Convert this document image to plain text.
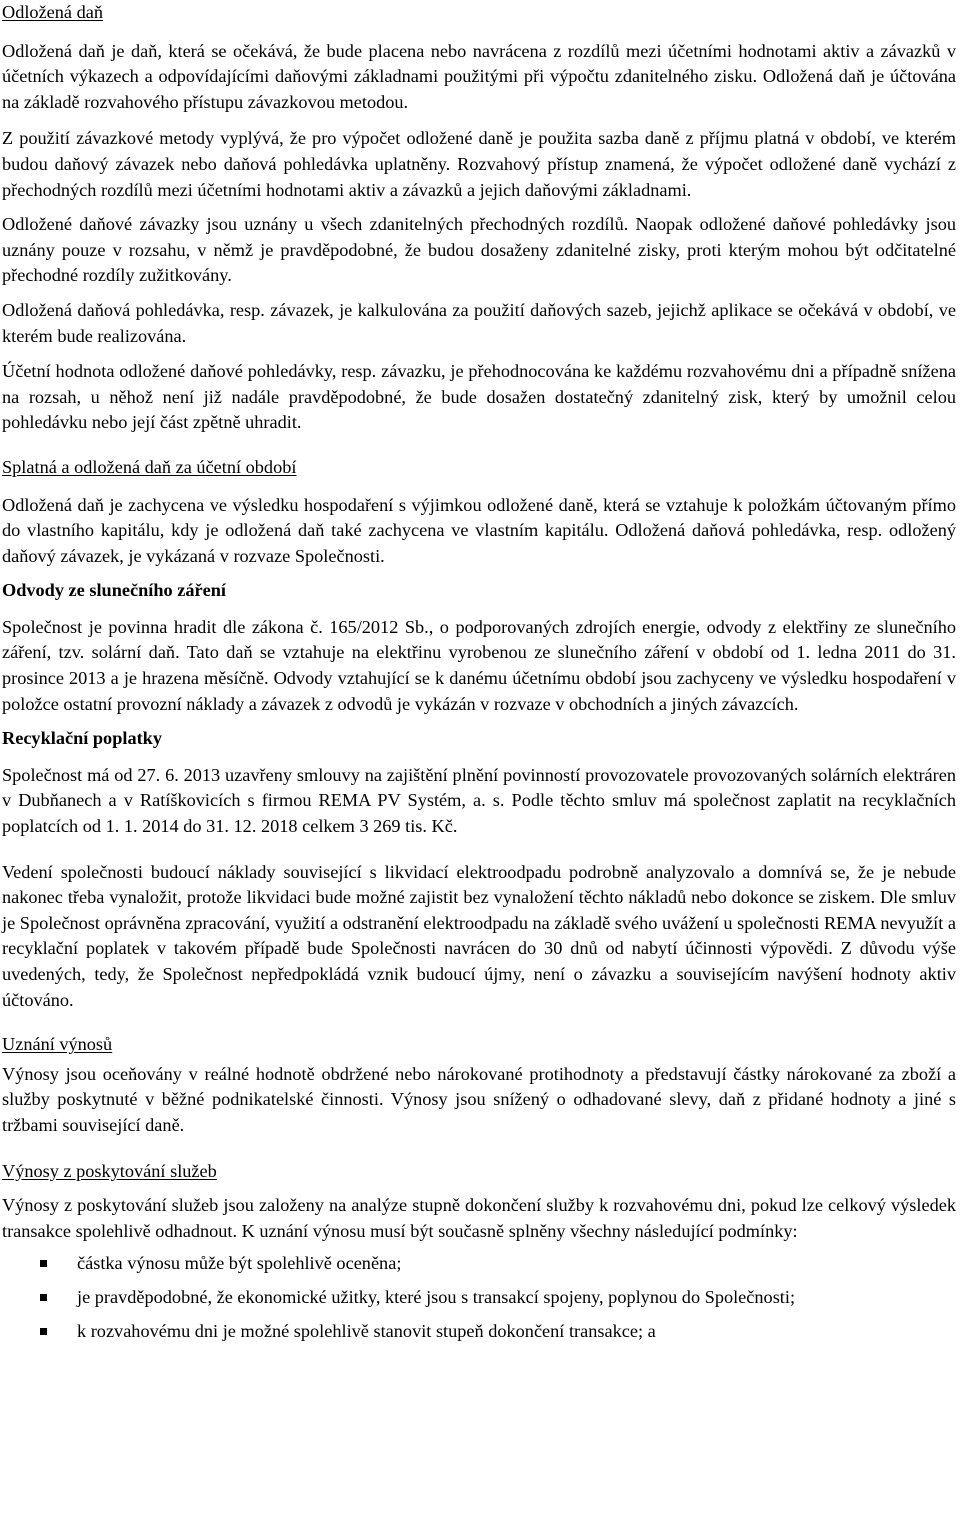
Odložená daň

Odložená daň je daň, která se očekává, že bude placena nebo navrácena z rozdílů mezi účetními hodnotami aktiv a závazků v účetních výkazech a odpovídajícími daňovými základnami použitými při výpočtu zdanitelného zisku. Odložená daň je účtována na základě rozvahového přístupu závazkovou metodou.

Z použití závazkové metody vyplývá, že pro výpočet odložené daně je použita sazba daně z příjmu platná v období, ve kterém budou daňový závazek nebo daňová pohledávka uplatněny. Rozvahový přístup znamená, že výpočet odložené daně vychází z přechodných rozdílů mezi účetními hodnotami aktiv a závazků a jejich daňovými základnami.

Odložené daňové závazky jsou uznány u všech zdanitelných přechodných rozdílů. Naopak odložené daňové pohledávky jsou uznány pouze v rozsahu, v němž je pravděpodobné, že budou dosaženy zdanitelné zisky, proti kterým mohou být odčitatelné přechodné rozdíly zužitkovány.

Odložená daňová pohledávka, resp. závazek, je kalkulována za použití daňových sazeb, jejichž aplikace se očekává v období, ve kterém bude realizována.

Účetní hodnota odložené daňové pohledávky, resp. závazku, je přehodnocována ke každému rozvahovému dni a případně snížena na rozsah, u něhož není již nadále pravděpodobné, že bude dosažen dostatečný zdanitelný zisk, který by umožnil celou pohledávku nebo její část zpětně uhradit.

Splatná a odložená daň za účetní období

Odložená daň je zachycena ve výsledku hospodaření s výjimkou odložené daně, která se vztahuje k položkám účtovaným přímo do vlastního kapitálu, kdy je odložená daň také zachycena ve vlastním kapitálu. Odložená daňová pohledávka, resp. odložený daňový závazek, je vykázaná v rozvaze Společnosti.

Odvody ze slunečního záření

Společnost je povinna hradit dle zákona č. 165/2012 Sb., o podporovaných zdrojích energie, odvody z elektřiny ze slunečního záření, tzv. solární daň. Tato daň se vztahuje na elektřinu vyrobenou ze slunečního záření v období od 1. ledna 2011 do 31. prosince 2013 a je hrazena měsíčně. Odvody vztahující se k danému účetnímu období jsou zachyceny ve výsledku hospodaření v položce ostatní provozní náklady a závazek z odvodů je vykázán v rozvaze v obchodních a jiných závazcích.

Recyklační poplatky

Společnost má od 27. 6. 2013 uzavřeny smlouvy na zajištění plnění povinností provozovatele provozovaných solárních elektráren v Dubňanech a v Ratíškovicích s firmou REMA PV Systém, a. s. Podle těchto smluv má společnost zaplatit na recyklačních poplatcích od 1. 1. 2014 do 31. 12. 2018 celkem 3 269 tis. Kč.

Vedení společnosti budoucí náklady související s likvidací elektroodpadu podrobně analyzovalo a domnívá se, že je nebude nakonec třeba vynaložit, protože likvidaci bude možné zajistit bez vynaložení těchto nákladů nebo dokonce se ziskem. Dle smluv je Společnost oprávněna zpracování, využití a odstranění elektroodpadu na základě svého uvážení u společnosti REMA nevyužít a recyklační poplatek v takovém případě bude Společnosti navrácen do 30 dnů od nabytí účinnosti výpovědi. Z důvodu výše uvedených, tedy, že Společnost nepředpokládá vznik budoucí újmy, není o závazku a souvisejícím navýšení hodnoty aktiv účtováno.

Uznání výnosů

Výnosy jsou oceňovány v reálné hodnotě obdržené nebo nárokované protihodnoty a představují částky nárokované za zboží a služby poskytnuté v běžné podnikatelské činnosti. Výnosy jsou snížený o odhadované slevy, daň z přidané hodnoty a jiné s tržbami související daně.

Výnosy z poskytování služeb

Výnosy z poskytování služeb jsou založeny na analýze stupně dokončení služby k rozvahovému dni, pokud lze celkový výsledek transakce spolehlivě odhadnout. K uznání výnosu musí být současně splněny všechny následující podmínky:

částka výnosu může být spolehlivě oceněna;
je pravděpodobné, že ekonomické užitky, které jsou s transakcí spojeny, poplynou do Společnosti;
k rozvahovému dni je možné spolehlivě stanovit stupeň dokončení transakce; a
